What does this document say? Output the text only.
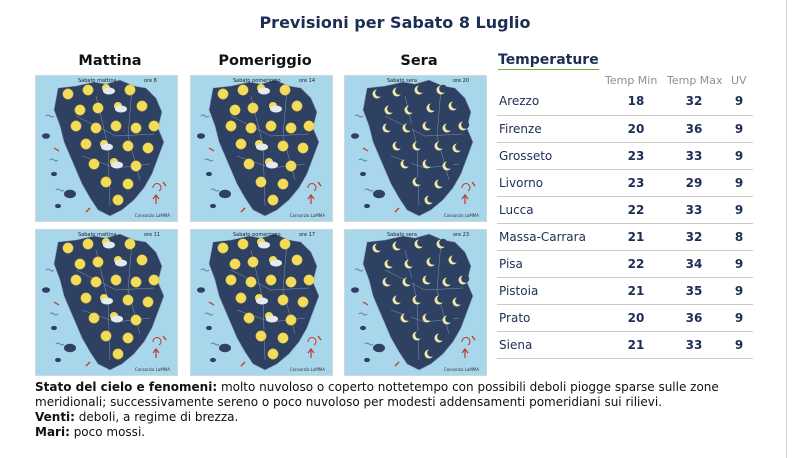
Previsioni per Sabato 8 Luglio
Mattina	Pomeriggio	Sera
Sabato mattina	ore 8
Consorzio LaMMA
Sabato pomeriggio	ore 14
Consorzio LaMMA
Sabato sera	ore 20
Consorzio LaMMA
Sabato mattina	ore 11
Consorzio LaMMA
Sabato pomeriggio	ore 17
Consorzio LaMMA
Sabato sera	ore 23
Consorzio LaMMA
Temperature
Temp Min Temp Max UV
Arezzo	18	32	9
Firenze	20	36	9
Grosseto	23	33	9
Livorno	23	29	9
Lucca	22	33	9
Massa-Carrara	21	32	8
Pisa	22	34	9
Pistoia	21	35	9
Prato	20	36	9
Siena	21	33	9
Stato del cielo e fenomeni: molto nuvoloso o coperto nottetempo con possibili deboli piogge sparse sulle zone meridionali; successivamente sereno o poco nuvoloso per modesti addensamenti pomeridiani sui rilievi.
Venti: deboli, a regime di brezza.
Mari: poco mossi.
